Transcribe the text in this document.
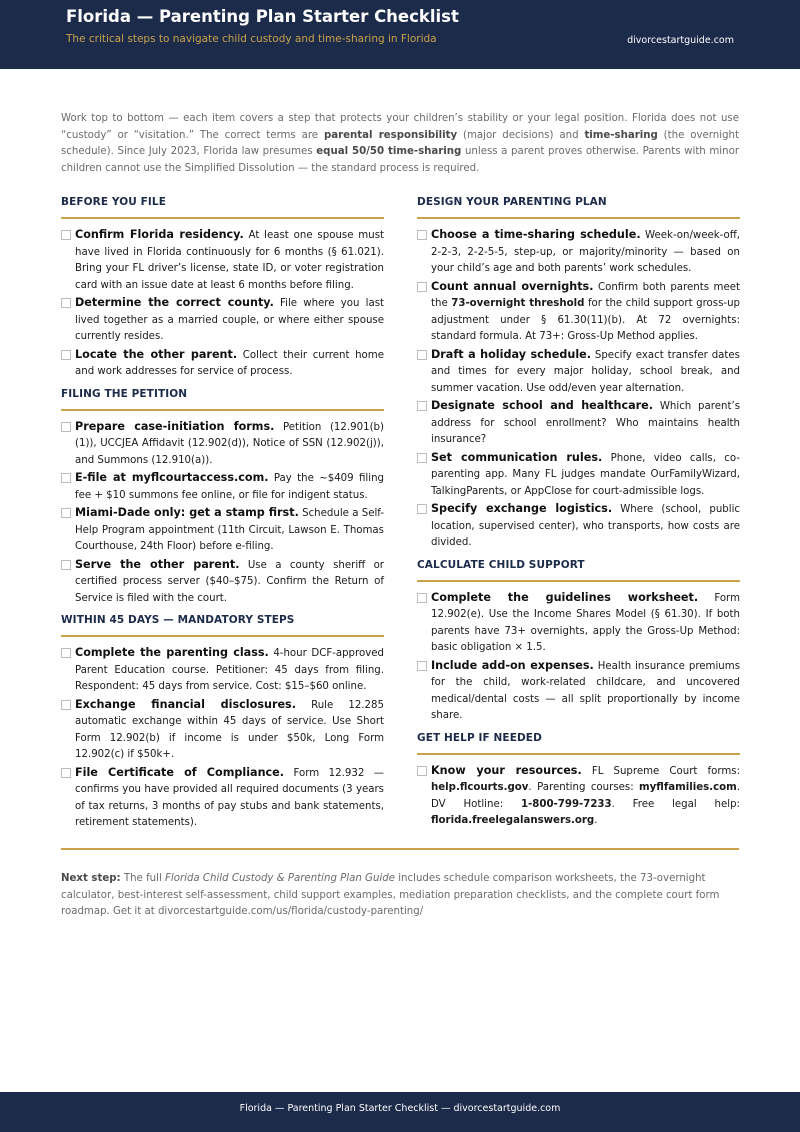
Florida — Parenting Plan Starter Checklist
The critical steps to navigate child custody and time-sharing in Florida	divorcestartguide.com
Work top to bottom — each item covers a step that protects your children’s stability or your legal position. Florida does not use “custody” or “visitation.” The correct terms are parental responsibility (major decisions) and time-sharing (the overnight schedule). Since July 2023, Florida law presumes equal 50/50 time-sharing unless a parent proves otherwise. Parents with minor children cannot use the Simplified Dissolution — the standard process is required.
BEFORE YOU FILE
Confirm Florida residency. At least one spouse must have lived in Florida continuously for 6 months (§ 61.021). Bring your FL driver’s license, state ID, or voter registration card with an issue date at least 6 months before filing.
Determine the correct county. File where you last lived together as a married couple, or where either spouse currently resides.
Locate the other parent. Collect their current home and work addresses for service of process.
FILING THE PETITION
Prepare case-initiation forms. Petition (12.901(b)(1)), UCCJEA Affidavit (12.902(d)), Notice of SSN (12.902(j)), and Summons (12.910(a)).
E-file at myflcourtaccess.com. Pay the ~$409 filing fee + $10 summons fee online, or file for indigent status.
Miami-Dade only: get a stamp first. Schedule a Self-Help Program appointment (11th Circuit, Lawson E. Thomas Courthouse, 24th Floor) before e-filing.
Serve the other parent. Use a county sheriff or certified process server ($40–$75). Confirm the Return of Service is filed with the court.
WITHIN 45 DAYS — MANDATORY STEPS
Complete the parenting class. 4-hour DCF-approved Parent Education course. Petitioner: 45 days from filing. Respondent: 45 days from service. Cost: $15–$60 online.
Exchange financial disclosures. Rule 12.285 automatic exchange within 45 days of service. Use Short Form 12.902(b) if income is under $50k, Long Form 12.902(c) if $50k+.
File Certificate of Compliance. Form 12.932 — confirms you have provided all required documents (3 years of tax returns, 3 months of pay stubs and bank statements, retirement statements).
DESIGN YOUR PARENTING PLAN
Choose a time-sharing schedule. Week-on/week-off, 2-2-3, 2-2-5-5, step-up, or majority/minority — based on your child’s age and both parents’ work schedules.
Count annual overnights. Confirm both parents meet the 73-overnight threshold for the child support gross-up adjustment under § 61.30(11)(b). At 72 overnights: standard formula. At 73+: Gross-Up Method applies.
Draft a holiday schedule. Specify exact transfer dates and times for every major holiday, school break, and summer vacation. Use odd/even year alternation.
Designate school and healthcare. Which parent’s address for school enrollment? Who maintains health insurance?
Set communication rules. Phone, video calls, co-parenting app. Many FL judges mandate OurFamilyWizard, TalkingParents, or AppClose for court-admissible logs.
Specify exchange logistics. Where (school, public location, supervised center), who transports, how costs are divided.
CALCULATE CHILD SUPPORT
Complete the guidelines worksheet. Form 12.902(e). Use the Income Shares Model (§ 61.30). If both parents have 73+ overnights, apply the Gross-Up Method: basic obligation × 1.5.
Include add-on expenses. Health insurance premiums for the child, work-related childcare, and uncovered medical/dental costs — all split proportionally by income share.
GET HELP IF NEEDED
Know your resources. FL Supreme Court forms: help.flcourts.gov. Parenting courses: myflfamilies.com. DV Hotline: 1-800-799-7233. Free legal help: florida.freelegalanswers.org.
Next step: The full Florida Child Custody & Parenting Plan Guide includes schedule comparison worksheets, the 73-overnight calculator, best-interest self-assessment, child support examples, mediation preparation checklists, and the complete court form roadmap. Get it at divorcestartguide.com/us/florida/custody-parenting/
Florida — Parenting Plan Starter Checklist — divorcestartguide.com
